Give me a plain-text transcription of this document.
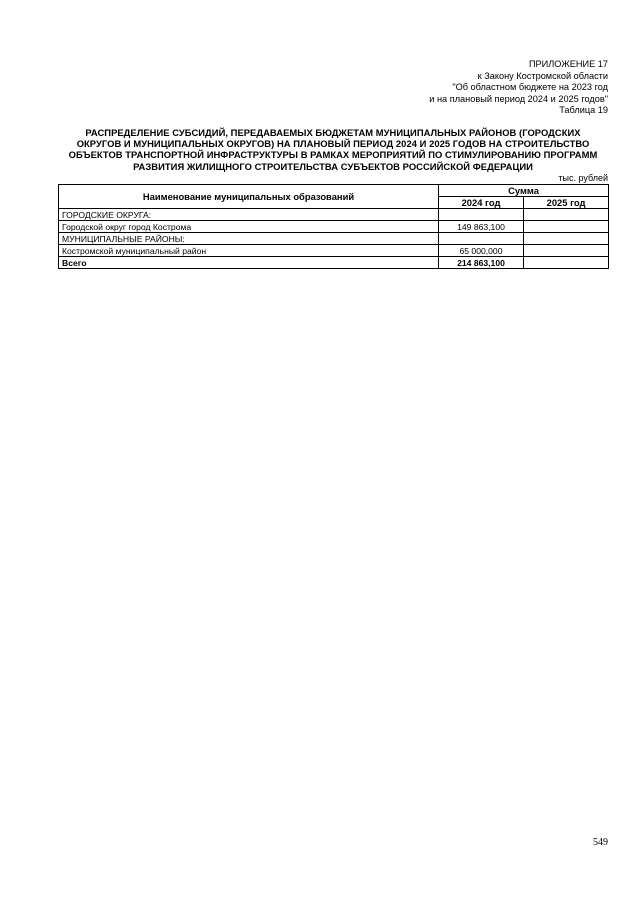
ПРИЛОЖЕНИЕ 17
к Закону Костромской области
"Об областном бюджете на 2023 год
и на плановый период 2024 и 2025 годов"
Таблица 19
РАСПРЕДЕЛЕНИЕ СУБСИДИЙ, ПЕРЕДАВАЕМЫХ БЮДЖЕТАМ МУНИЦИПАЛЬНЫХ РАЙОНОВ (ГОРОДСКИХ
ОКРУГОВ И МУНИЦИПАЛЬНЫХ ОКРУГОВ) НА ПЛАНОВЫЙ ПЕРИОД 2024 И 2025 ГОДОВ НА СТРОИТЕЛЬСТВО
ОБЪЕКТОВ ТРАНСПОРТНОЙ ИНФРАСТРУКТУРЫ В РАМКАХ МЕРОПРИЯТИЙ ПО СТИМУЛИРОВАНИЮ ПРОГРАММ
РАЗВИТИЯ ЖИЛИЩНОГО СТРОИТЕЛЬСТВА СУБЪЕКТОВ РОССИЙСКОЙ ФЕДЕРАЦИИ
тыс. рублей
Наименование муниципальных образований	Сумма	
	2024 год	2025 год
ГОРОДСКИЕ ОКРУГА:		
Городской округ город Кострома	149 863,100	
МУНИЦИПАЛЬНЫЕ РАЙОНЫ:		
Костромской муниципальный район	65 000,000	
Всего	214 863,100	
549
